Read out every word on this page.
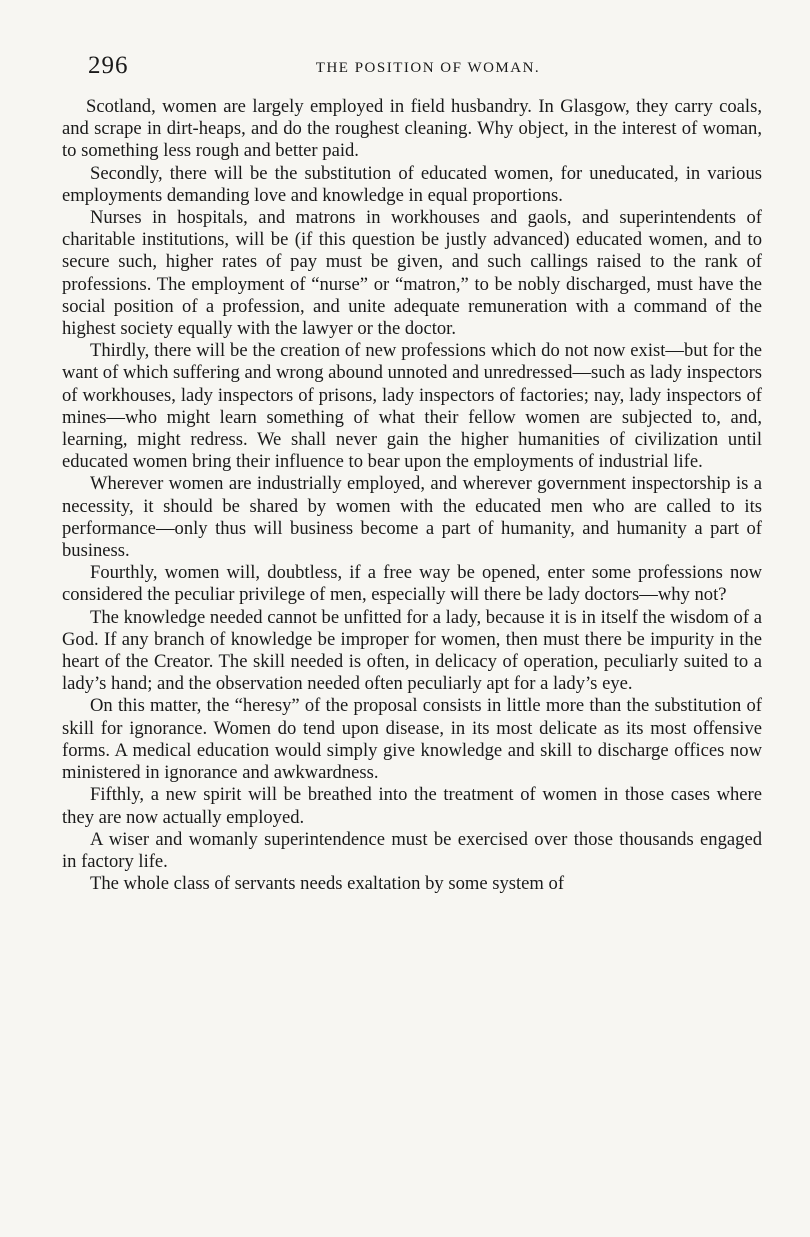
296	THE POSITION OF WOMAN.

Scotland, women are largely employed in field husbandry. In Glasgow, they carry coals, and scrape in dirt-heaps, and do the roughest cleaning. Why object, in the interest of woman, to something less rough and better paid.

Secondly, there will be the substitution of educated women, for uneducated, in various employments demanding love and knowledge in equal proportions.

Nurses in hospitals, and matrons in workhouses and gaols, and superintendents of charitable institutions, will be (if this question be justly advanced) educated women, and to secure such, higher rates of pay must be given, and such callings raised to the rank of professions. The employment of “nurse” or “matron,” to be nobly discharged, must have the social position of a profession, and unite adequate remuneration with a command of the highest society equally with the lawyer or the doctor.

Thirdly, there will be the creation of new professions which do not now exist—but for the want of which suffering and wrong abound unnoted and unredressed—such as lady inspectors of workhouses, lady inspectors of prisons, lady inspectors of factories; nay, lady inspectors of mines—who might learn something of what their fellow women are subjected to, and, learning, might redress. We shall never gain the higher humanities of civilization until educated women bring their influence to bear upon the employments of industrial life.

Wherever women are industrially employed, and wherever government inspectorship is a necessity, it should be shared by women with the educated men who are called to its performance—only thus will business become a part of humanity, and humanity a part of business.

Fourthly, women will, doubtless, if a free way be opened, enter some professions now considered the peculiar privilege of men, especially will there be lady doctors—why not?

The knowledge needed cannot be unfitted for a lady, because it is in itself the wisdom of a God. If any branch of knowledge be improper for women, then must there be impurity in the heart of the Creator. The skill needed is often, in delicacy of operation, peculiarly suited to a lady’s hand; and the observation needed often peculiarly apt for a lady’s eye.

On this matter, the “heresy” of the proposal consists in little more than the substitution of skill for ignorance. Women do tend upon disease, in its most delicate as its most offensive forms. A medical education would simply give knowledge and skill to discharge offices now ministered in ignorance and awkwardness.

Fifthly, a new spirit will be breathed into the treatment of women in those cases where they are now actually employed.

A wiser and womanly superintendence must be exercised over those thousands engaged in factory life.

The whole class of servants needs exaltation by some system of
